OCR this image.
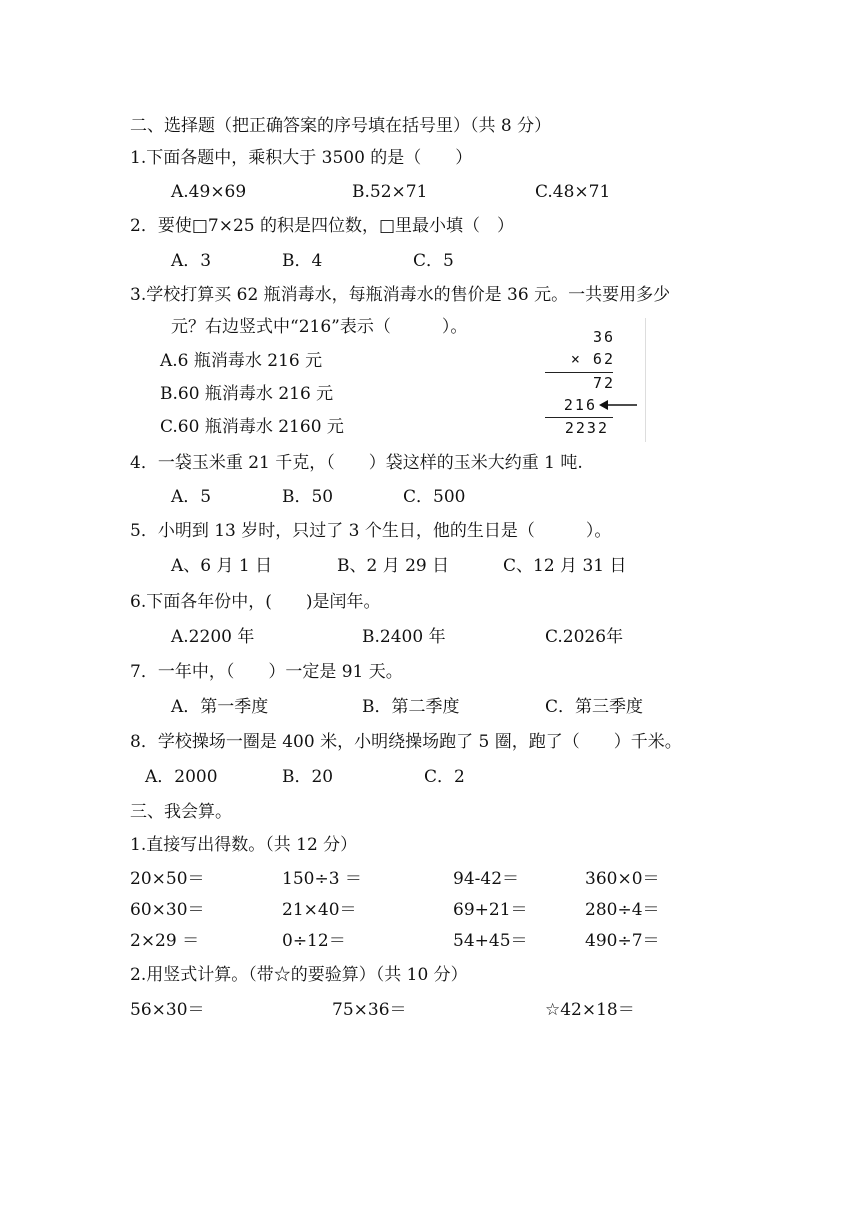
二、选择题（把正确答案的序号填在括号里）（共 8 分）
1.下面各题中，乘积大于 3500 的是（　　）
A.49×69	B.52×71	C.48×71
2．要使□7×25 的积是四位数，□里最小填（　）
A．3	B．4	C．5
3.学校打算买 62 瓶消毒水，每瓶消毒水的售价是 36 元。一共要用多少
元？右边竖式中“216”表示（　　　）。
A.6 瓶消毒水 216 元
B.60 瓶消毒水 216 元
C.60 瓶消毒水 2160 元
36
× 62
72
216
2232
4．一袋玉米重 21 千克，（　　）袋这样的玉米大约重 1 吨.
A．5	B．50	C．500
5．小明到 13 岁时，只过了 3 个生日，他的生日是（　　　）。
A、6 月 1 日	B、2 月 29 日	C、12 月 31 日
6.下面各年份中，(　　)是闰年。
A.2200 年	B.2400 年	C.2026年
7．一年中，（　　）一定是 91 天。
A．第一季度	B．第二季度	C．第三季度
8．学校操场一圈是 400 米，小明绕操场跑了 5 圈，跑了（　　）千米。
A．2000	B．20	C．2
三、我会算。
1.直接写出得数。（共 12 分）
20×50＝	150÷3 ＝	94-42＝	360×0＝
60×30＝	21×40＝	69+21＝	280÷4＝
2×29 ＝	0÷12＝	54+45＝	490÷7＝
2.用竖式计算。（带☆的要验算）（共 10 分）
56×30＝	75×36＝	☆42×18＝
